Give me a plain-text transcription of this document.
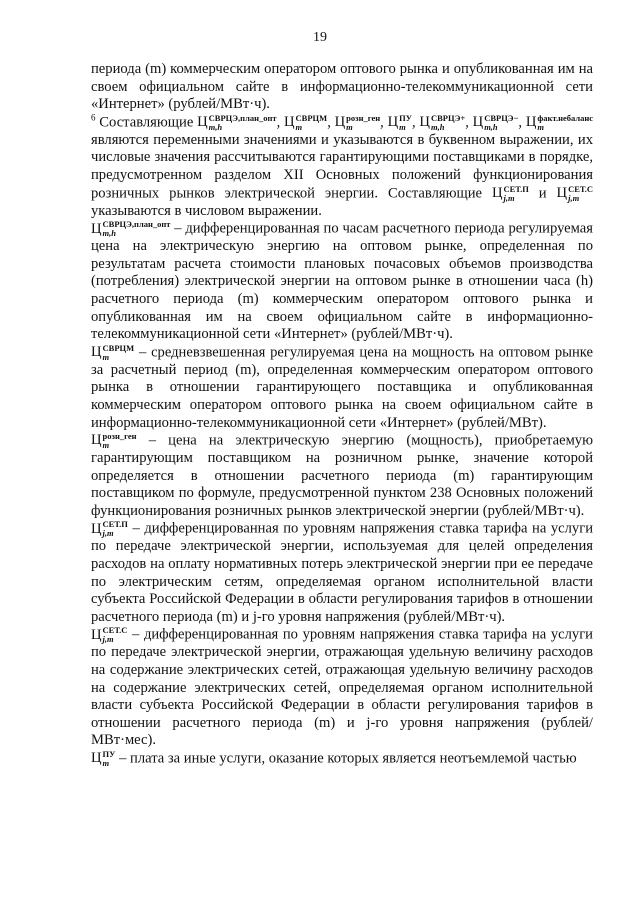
19

периода (m) коммерческим оператором оптового рынка и опубликованная им на своем официальном сайте в информационно-телекоммуникационной сети «Интернет» (рублей/МВт·ч).

$^6$ Составляющие Ц СВРЦЭ,план_опт
m,h	, Ц СВРЦМ
m	, Ц розн_ген
m	, Ц ПУ
m , Ц СВРЦЭ+
m,h	, Ц СВРЦЭ−
m,h	, Ц факт.небаланс
m
являются переменными значениями и указываются в буквенном выражении, их числовые значения рассчитываются гарантирующими поставщиками в порядке, предусмотренном разделом XII Основных положений функционирования розничных рынков электрической энергии. Составляющие Ц СЕТ.П
j,m	и Ц СЕТ.С
j,m
указываются в числовом выражении.

Ц СВРЦЭ,план_опт
m,h	– дифференцированная по часам расчетного периода регулируемая цена на электрическую энергию на оптовом рынке, определенная по результатам расчета стоимости плановых почасовых объемов производства (потребления) электрической энергии на оптовом рынке в отношении часа (h) расчетного периода (m) коммерческим оператором оптового рынка и опубликованная им на своем официальном сайте в информационно-телекоммуникационной сети «Интернет» (рублей/МВт·ч).

Ц СВРЦМ
m	– средневзвешенная регулируемая цена на мощность на оптовом рынке за расчетный период (m), определенная коммерческим оператором оптового рынка в отношении гарантирующего поставщика и опубликованная коммерческим оператором оптового рынка на своем официальном сайте в информационно-телекоммуникационной сети «Интернет» (рублей/МВт).

Ц розн_ген
m	– цена на электрическую энергию (мощность), приобретаемую гарантирующим поставщиком на розничном рынке, значение которой определяется в отношении расчетного периода (m) гарантирующим поставщиком по формуле, предусмотренной пунктом 238 Основных положений функционирования розничных рынков электрической энергии (рублей/МВт·ч).

Ц СЕТ.П
j,m	– дифференцированная по уровням напряжения ставка тарифа на услуги по передаче электрической энергии, используемая для целей определения расходов на оплату нормативных потерь электрической энергии при ее передаче по электрическим сетям, определяемая органом исполнительной власти субъекта Российской Федерации в области регулирования тарифов в отношении расчетного периода (m) и j-го уровня напряжения (рублей/МВт·ч).

Ц СЕТ.С
j,m	– дифференцированная по уровням напряжения ставка тарифа на услуги по передаче электрической энергии, отражающая удельную величину расходов на содержание электрических сетей, отражающая удельную величину расходов на содержание электрических сетей, определяемая органом исполнительной власти субъекта Российской Федерации в области регулирования тарифов в отношении расчетного периода (m) и j-го уровня напряжения (рублей/МВт·мес).

Ц ПУ
m – плата за иные услуги, оказание которых является неотъемлемой частью
